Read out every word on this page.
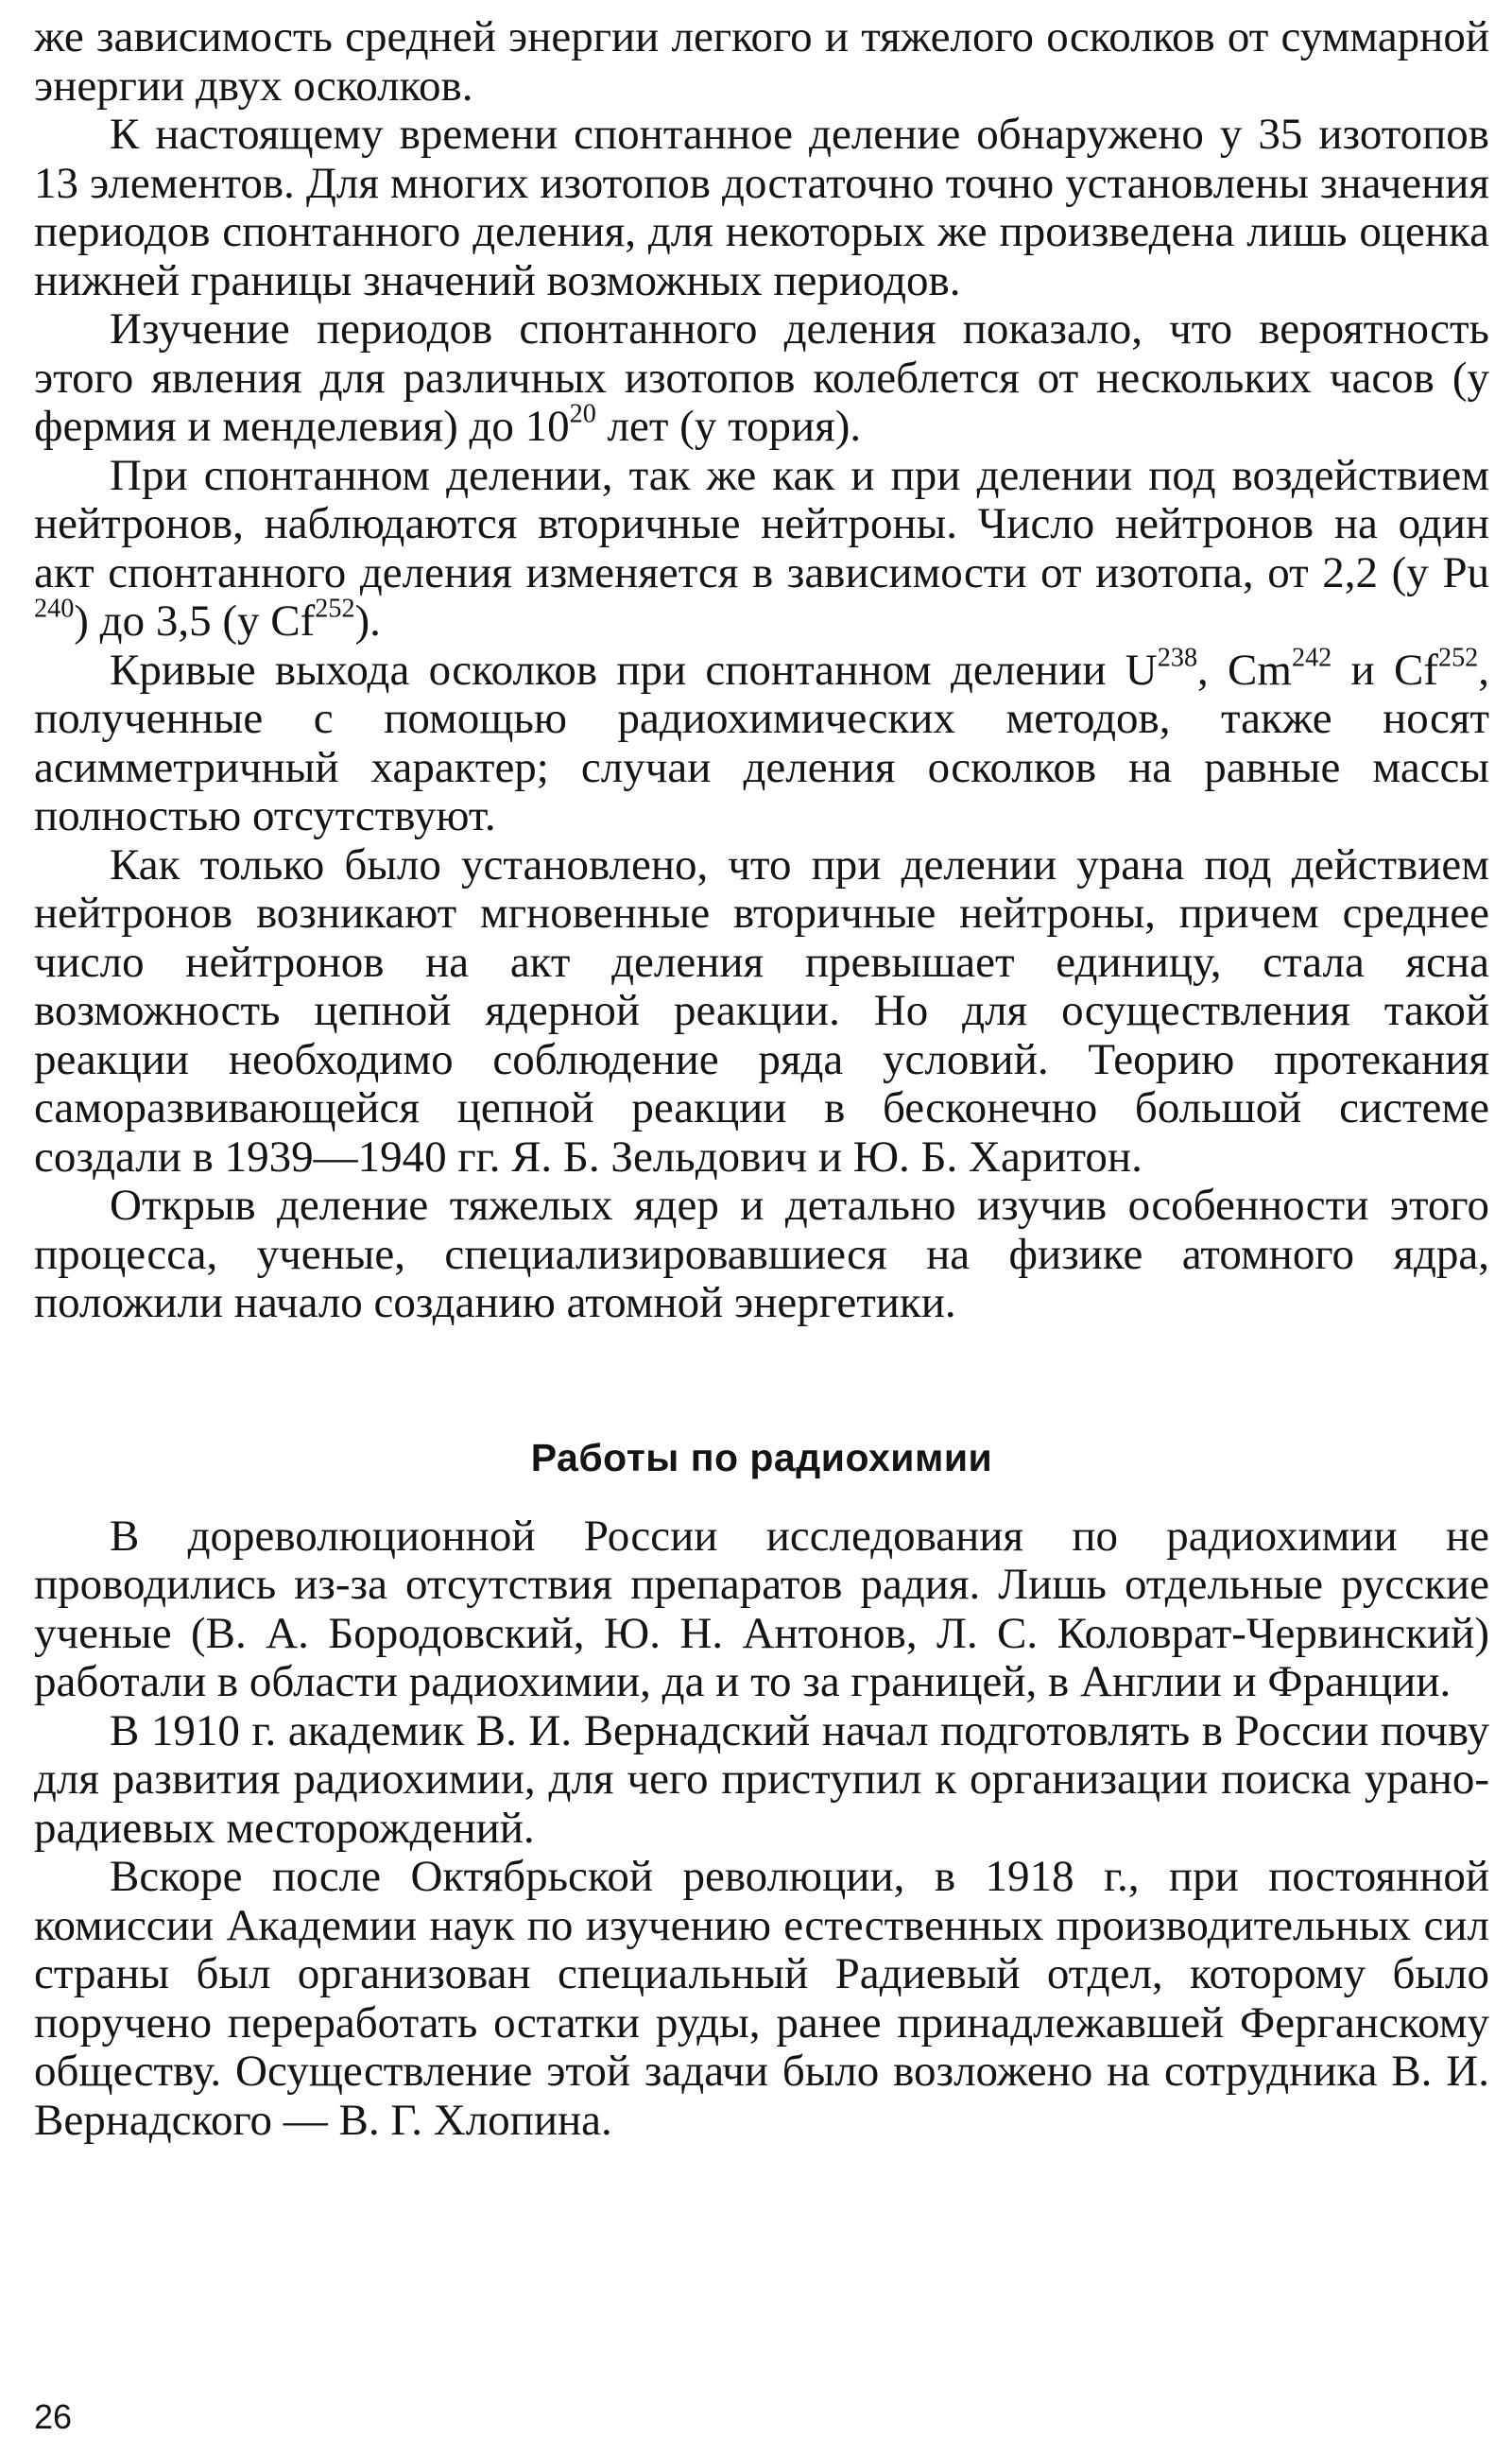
же зависимость средней энергии легкого и тяжелого осколков от суммарной энергии двух осколков.

К настоящему времени спонтанное деление обнаружено у 35 изотопов 13 элементов. Для многих изотопов достаточно точно установлены значения периодов спонтанного деления, для некоторых же произведена лишь оценка нижней границы значений возможных периодов.

Изучение периодов спонтанного деления показало, что вероятность этого явления для различных изотопов колеблется от нескольких часов (у фермия и менделевия) до $10^{20}$ лет (у тория).

При спонтанном делении, так же как и при делении под воздействием нейтронов, наблюдаются вторичные нейтроны. Число нейтронов на один акт спонтанного деления изменяется в зависимости от изотопа, от 2,2 (у Pu $^{240}$) до 3,5 (у Cf$^{252}$).

Кривые выхода осколков при спонтанном делении $U^{238}$, Cm$^{242}$ и Cf$^{252}$, полученные с помощью радиохимических методов, также носят асимметричный характер; случаи деления осколков на равные массы полностью отсутствуют.

Как только было установлено, что при делении урана под действием нейтронов возникают мгновенные вторичные нейтроны, причем среднее число нейтронов на акт деления превышает единицу, стала ясна возможность цепной ядерной реакции. Но для осуществления такой реакции необходимо соблюдение ряда условий. Теорию протекания саморазвивающейся цепной реакции в бесконечно большой системе создали в 1939—1940 гг. Я. Б. Зельдович и Ю. Б. Харитон.

Открыв деление тяжелых ядер и детально изучив особенности этого процесса, ученые, специализировавшиеся на физике атомного ядра, положили начало созданию атомной энергетики.

Работы по радиохимии

В дореволюционной России исследования по радиохимии не проводились из-за отсутствия препаратов радия. Лишь отдельные русские ученые (В. А. Бородовский, Ю. Н. Антонов, Л. С. Коловрат-Червинский) работали в области радиохимии, да и то за границей, в Англии и Франции.

В 1910 г. академик В. И. Вернадский начал подготовлять в России почву для развития радиохимии, для чего приступил к организации поиска урано-радиевых месторождений.

Вскоре после Октябрьской революции, в 1918 г., при постоянной комиссии Академии наук по изучению естественных производительных сил страны был организован специальный Радиевый отдел, которому было поручено переработать остатки руды, ранее принадлежавшей Ферганскому обществу. Осуществление этой задачи было возложено на сотрудника В. И. Вернадского — В. Г. Хлопина.

26
